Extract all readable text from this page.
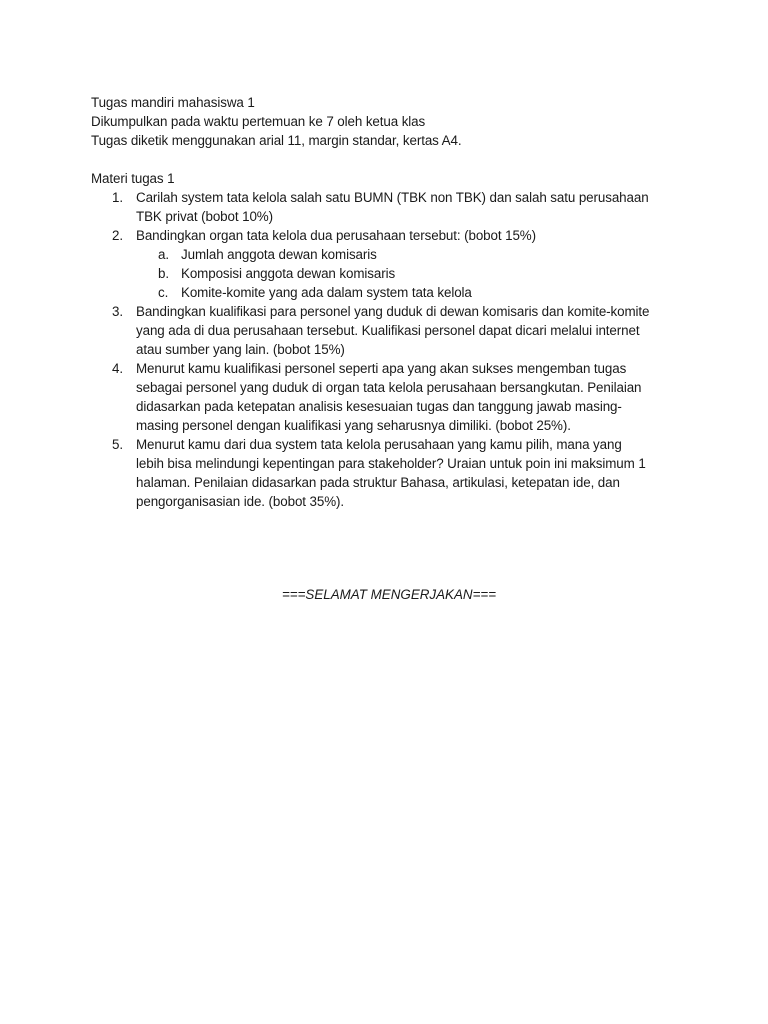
Tugas mandiri mahasiswa 1
Dikumpulkan pada waktu pertemuan ke 7 oleh ketua klas
Tugas diketik menggunakan arial 11, margin standar, kertas A4.
Materi tugas 1
1. Carilah system tata kelola salah satu BUMN (TBK non TBK) dan salah satu perusahaan
TBK privat (bobot 10%)
2. Bandingkan organ tata kelola dua perusahaan tersebut: (bobot 15%)
a. Jumlah anggota dewan komisaris
b. Komposisi anggota dewan komisaris
c. Komite-komite yang ada dalam system tata kelola
3. Bandingkan kualifikasi para personel yang duduk di dewan komisaris dan komite-komite
yang ada di dua perusahaan tersebut. Kualifikasi personel dapat dicari melalui internet
atau sumber yang lain. (bobot 15%)
4. Menurut kamu kualifikasi personel seperti apa yang akan sukses mengemban tugas
sebagai personel yang duduk di organ tata kelola perusahaan bersangkutan. Penilaian
didasarkan pada ketepatan analisis kesesuaian tugas dan tanggung jawab masing-
masing personel dengan kualifikasi yang seharusnya dimiliki. (bobot 25%).
5. Menurut kamu dari dua system tata kelola perusahaan yang kamu pilih, mana yang
lebih bisa melindungi kepentingan para stakeholder? Uraian untuk poin ini maksimum 1
halaman. Penilaian didasarkan pada struktur Bahasa, artikulasi, ketepatan ide, dan
pengorganisasian ide. (bobot 35%).
===SELAMAT MENGERJAKAN===
